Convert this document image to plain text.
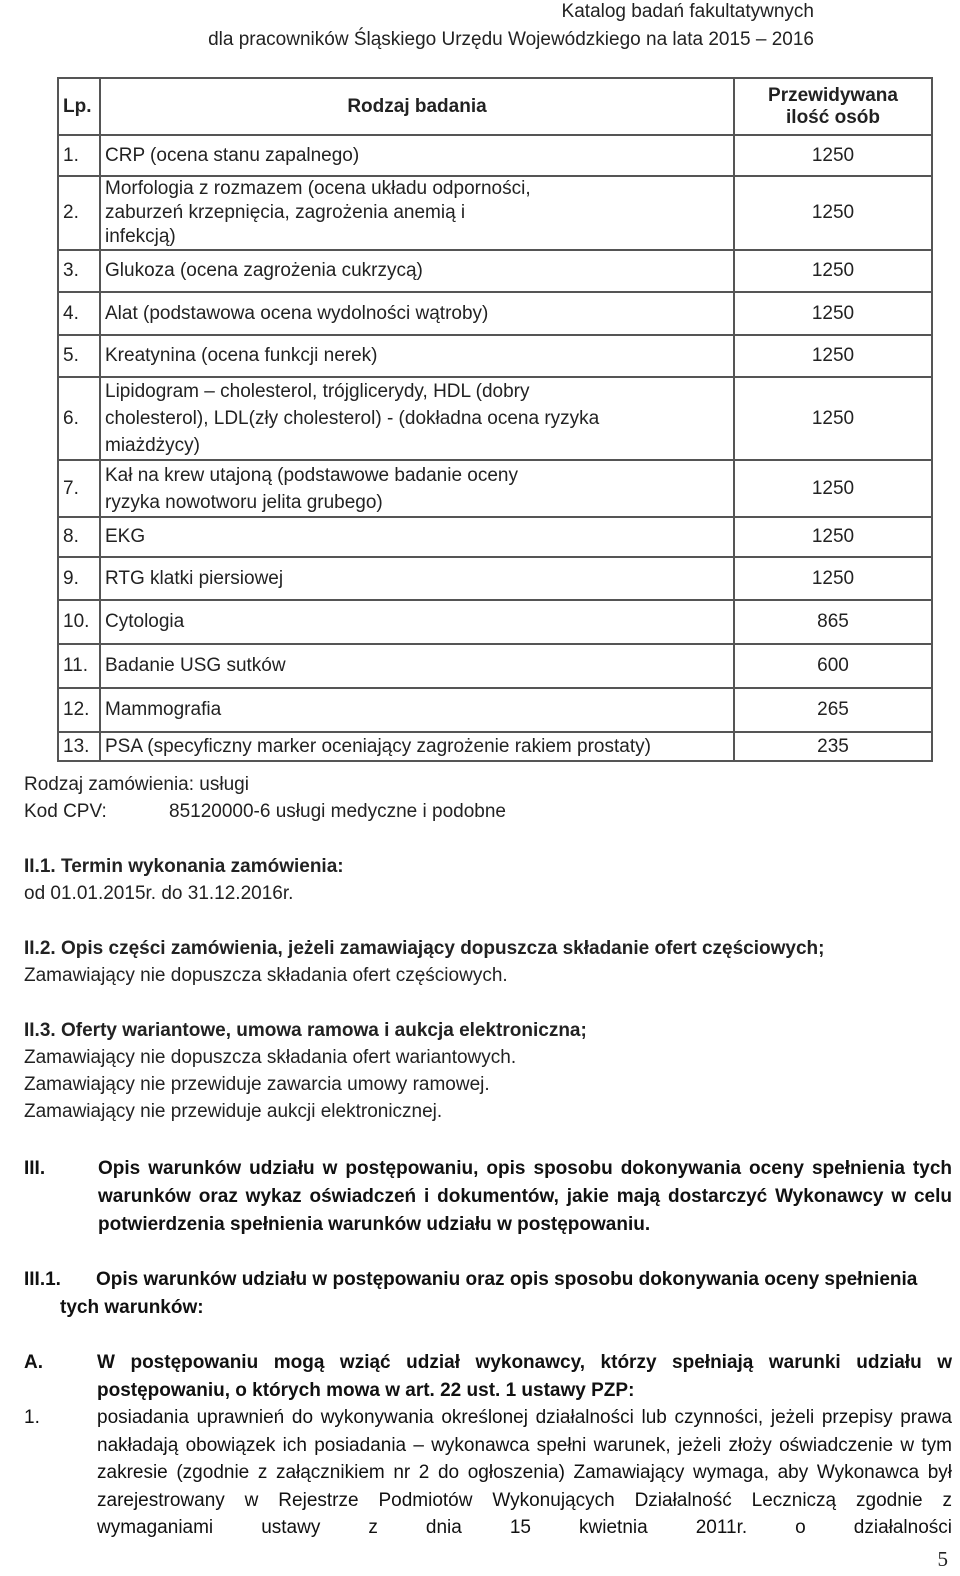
Katalog badań fakultatywnych
dla pracowników Śląskiego Urzędu Wojewódzkiego na lata 2015 – 2016
Lp.	Rodzaj badania	Przewidywana
ilość osób

1.	CRP (ocena stanu zapalnego)	1250
2.	Morfologia z rozmazem (ocena układu odporności, zaburzeń krzepnięcia, zagrożenia anemią i infekcją)	1250
3.	Glukoza (ocena zagrożenia cukrzycą)	1250
4.	Alat (podstawowa ocena wydolności wątroby)	1250
5.	Kreatynina (ocena funkcji nerek)	1250
6.	Lipidogram – cholesterol, trójglicerydy, HDL (dobry cholesterol), LDL(zły cholesterol) - (dokładna ocena ryzyka miażdżycy)	1250
7.	Kał na krew utajoną (podstawowe badanie oceny ryzyka nowotworu jelita grubego)	1250
8.	EKG	1250
9.	RTG klatki piersiowej	1250
10.	Cytologia	865
11.	Badanie USG sutków	600
12.	Mammografia	265
13.	PSA (specyficzny marker oceniający zagrożenie rakiem prostaty)	235
Rodzaj zamówienia: usługi
Kod CPV:	85120000-6 usługi medyczne i podobne
II.1. Termin wykonania zamówienia:
od 01.01.2015r. do 31.12.2016r.
II.2. Opis części zamówienia, jeżeli zamawiający dopuszcza składanie ofert częściowych;
Zamawiający nie dopuszcza składania ofert częściowych.
II.3. Oferty wariantowe, umowa ramowa i aukcja elektroniczna;
Zamawiający nie dopuszcza składania ofert wariantowych.
Zamawiający nie przewiduje zawarcia umowy ramowej.
Zamawiający nie przewiduje aukcji elektronicznej.
III.	Opis warunków udziału w postępowaniu, opis sposobu dokonywania oceny spełnienia tych warunków oraz wykaz oświadczeń i dokumentów, jakie mają dostarczyć Wykonawcy w celu potwierdzenia spełnienia warunków udziału w postępowaniu.
III.1.	Opis warunków udziału w postępowaniu oraz opis sposobu dokonywania oceny spełnienia
tych warunków:
A.	W postępowaniu mogą wziąć udział wykonawcy, którzy spełniają warunki udziału w postępowaniu, o których mowa w art. 22 ust. 1 ustawy PZP:
1.	posiadania uprawnień do wykonywania określonej działalności lub czynności, jeżeli przepisy prawa nakładają obowiązek ich posiadania – wykonawca spełni warunek, jeżeli złoży oświadczenie w tym zakresie (zgodnie z załącznikiem nr 2 do ogłoszenia) Zamawiający wymaga, aby Wykonawca był zarejestrowany w Rejestrze Podmiotów Wykonujących Działalność Leczniczą zgodnie z wymaganiami ustawy z dnia 15 kwietnia 2011r. o działalności
5
